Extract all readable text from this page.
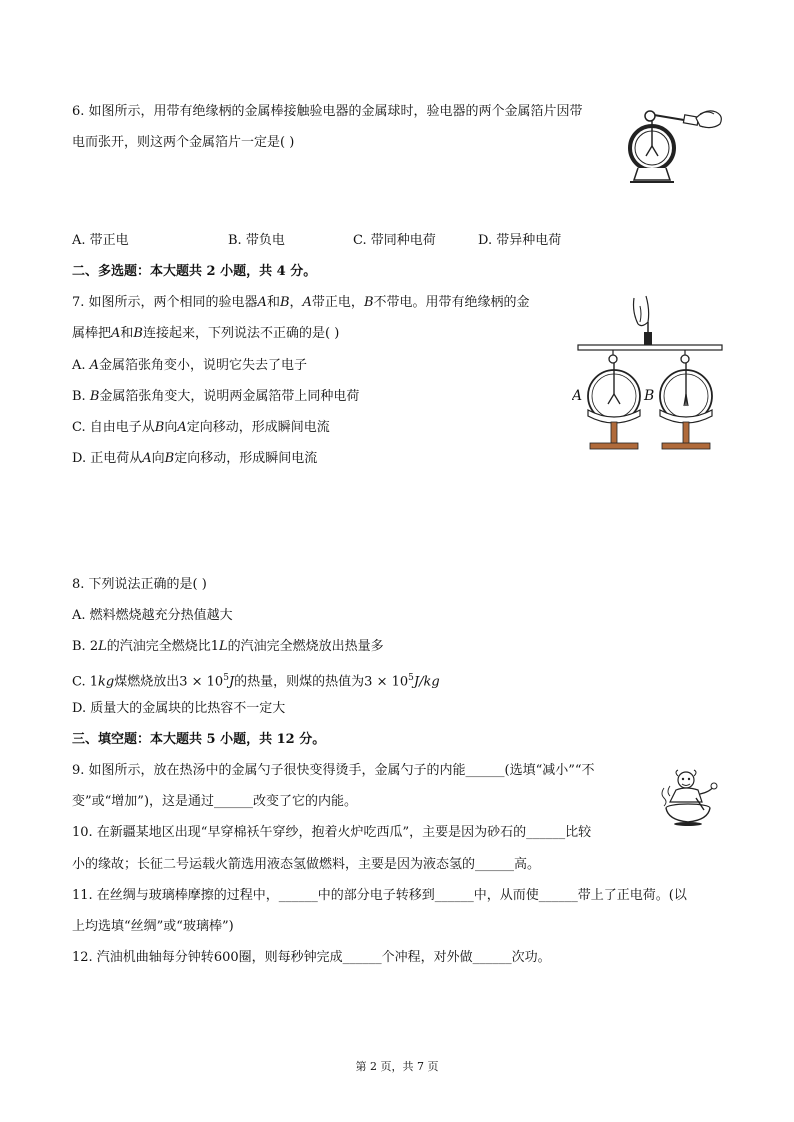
6. 如图所示，用带有绝缘柄的金属棒接触验电器的金属球时，验电器的两个金属箔片因带
电而张开，则这两个金属箔片一定是( )
A. 带正电	B. 带负电	C. 带同种电荷	D. 带异种电荷
二、多选题：本大题共 2 小题，共 4 分。
7. 如图所示，两个相同的验电器A和B，A带正电，B不带电。用带有绝缘柄的金
属棒把A和B连接起来，下列说法不正确的是( )
A. A金属箔张角变小，说明它失去了电子
B. B金属箔张角变大，说明两金属箔带上同种电荷
C. 自由电子从B向A定向移动，形成瞬间电流
D. 正电荷从A向B定向移动，形成瞬间电流
A	B
8. 下列说法正确的是( )
A. 燃料燃烧越充分热值越大
B. 2L的汽油完全燃烧比1L的汽油完全燃烧放出热量多
C. 1kg煤燃烧放出$3 \times 10^5J$的热量，则煤的热值为$3 \times 10^5J/kg$
D. 质量大的金属块的比热容不一定大
三、填空题：本大题共 5 小题，共 12 分。
9. 如图所示，放在热汤中的金属勺子很快变得烫手，金属勺子的内能______(选填“减小”“不
变”或“增加”)，这是通过______改变了它的内能。
10. 在新疆某地区出现“早穿棉袄午穿纱，抱着火炉吃西瓜”，主要是因为砂石的______比较
小的缘故；长征二号运载火箭选用液态氢做燃料，主要是因为液态氢的______高。
11. 在丝绸与玻璃棒摩擦的过程中，______中的部分电子转移到______中，从而使______带上了正电荷。(以
上均选填“丝绸”或“玻璃棒”)
12. 汽油机曲轴每分钟转600圈，则每秒钟完成______个冲程，对外做______次功。
第 2 页，共 7 页
